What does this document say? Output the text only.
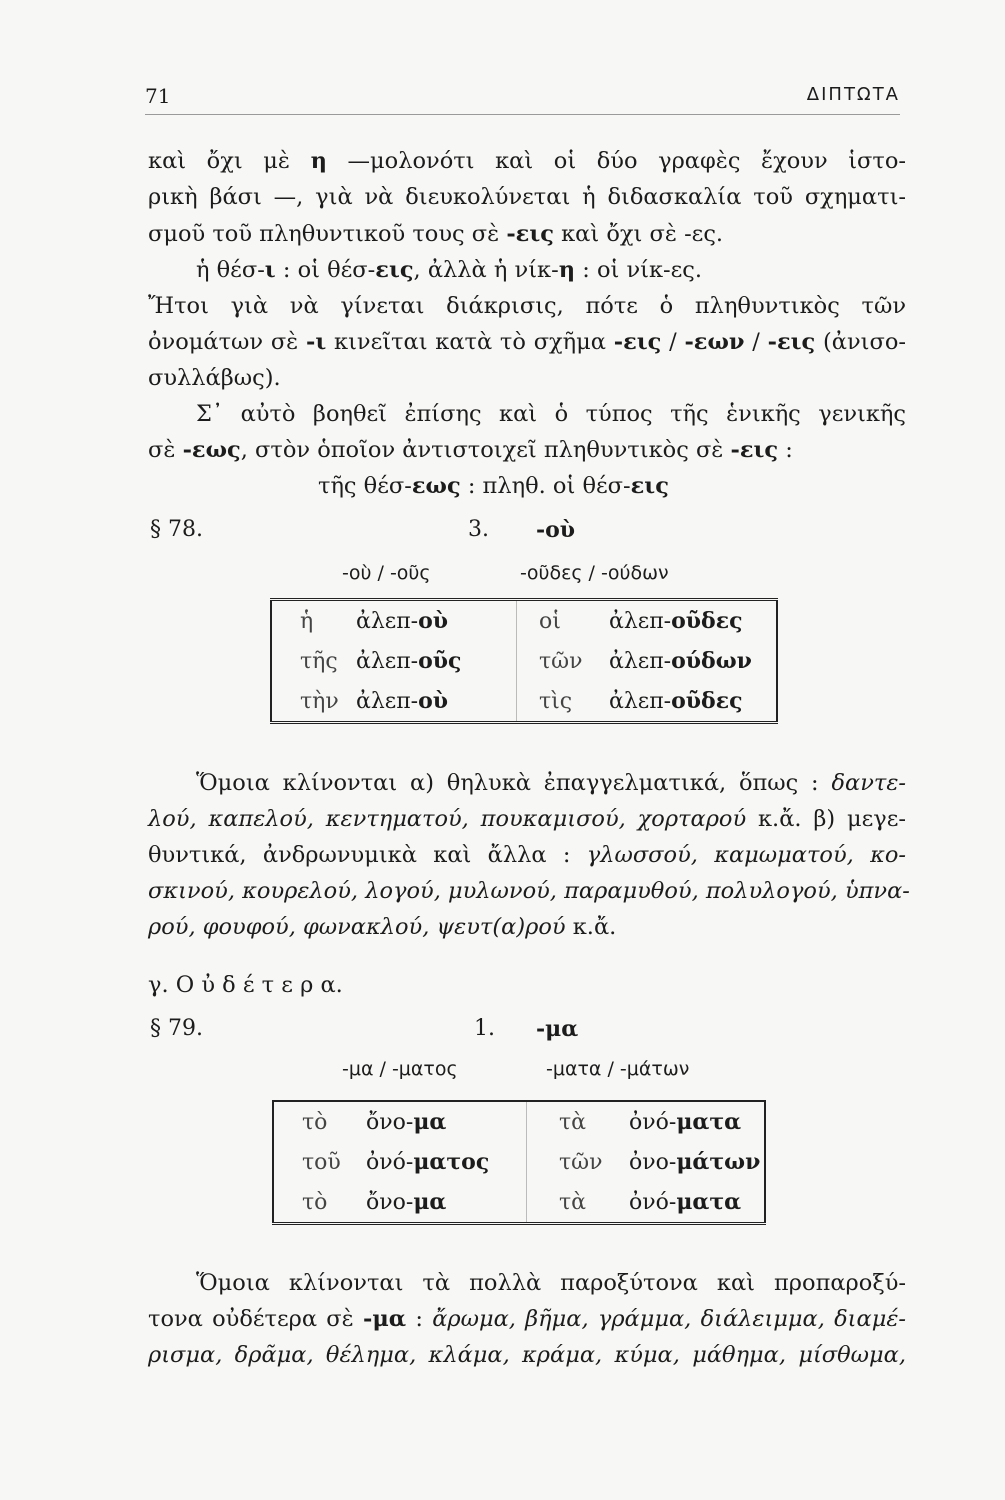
71	ΔΙΠΤΩΤΑ
καὶ ὄχι μὲ η —μολονότι καὶ οἱ δύο γραφὲς ἔχουν ἱστο-
ρικὴ βάσι —, γιὰ νὰ διευκολύνεται ἡ διδασκαλία τοῦ σχηματι-
σμοῦ τοῦ πληθυντικοῦ τους σὲ -εις καὶ ὄχι σὲ -ες.
ἡ θέσ-ι : οἱ θέσ-εις, ἀλλὰ ἡ νίκ-η : οἱ νίκ-ες.
Ἤτοι γιὰ νὰ γίνεται διάκρισις, πότε ὁ πληθυντικὸς τῶν
ὀνομάτων σὲ -ι κινεῖται κατὰ τὸ σχῆμα -εις / -εων / -εις (ἀνισο-
συλλάβως).
Σ᾽ αὐτὸ βοηθεῖ ἐπίσης καὶ ὁ τύπος τῆς ἑνικῆς γενικῆς
σὲ -εως, στὸν ὁποῖον ἀντιστοιχεῖ πληθυντικὸς σὲ -εις :
τῆς θέσ-εως : πληθ. οἱ θέσ-εις
§ 78.	3. -οὺ
-οὺ / -οῦς	-οῦδες / -ούδων
ἡ	ἀλεπ-οὺ	οἱ	ἀλεπ-οῦδες
τῆς	ἀλεπ-οῦς	τῶν	ἀλεπ-ούδων
τὴν	ἀλεπ-οὺ	τὶς	ἀλεπ-οῦδες
Ὅμοια κλίνονται α) θηλυκὰ ἐπαγγελματικά, ὅπως : δαντε-
λού, καπελού, κεντηματού, πουκαμισού, χορταρού κ.ἄ. β) μεγε-
θυντικά, ἀνδρωνυμικὰ καὶ ἄλλα : γλωσσού, καμωματού, κο-
σκινού, κουρελού, λογού, μυλωνού, παραμυθού, πολυλογού, ὑπνα-
ρού, φουφού, φωνακλού, ψευτ(α)ρού κ.ἄ.
γ. Ο ὐ δ έ τ ε ρ α.
§ 79.	1. -μα
-μα / -ματος	-ματα / -μάτων
τὸ	ὄνο-μα	τὰ	ὀνό-ματα
τοῦ	ὀνό-ματος	τῶν	ὀνο-μάτων
τὸ	ὄνο-μα	τὰ	ὀνό-ματα
Ὅμοια κλίνονται τὰ πολλὰ παροξύτονα καὶ προπαροξύ-
τονα οὐδέτερα σὲ -μα : ἄρωμα, βῆμα, γράμμα, διάλειμμα, διαμέ-
ρισμα, δρᾶμα, θέλημα, κλάμα, κράμα, κύμα, μάθημα, μίσθωμα,
